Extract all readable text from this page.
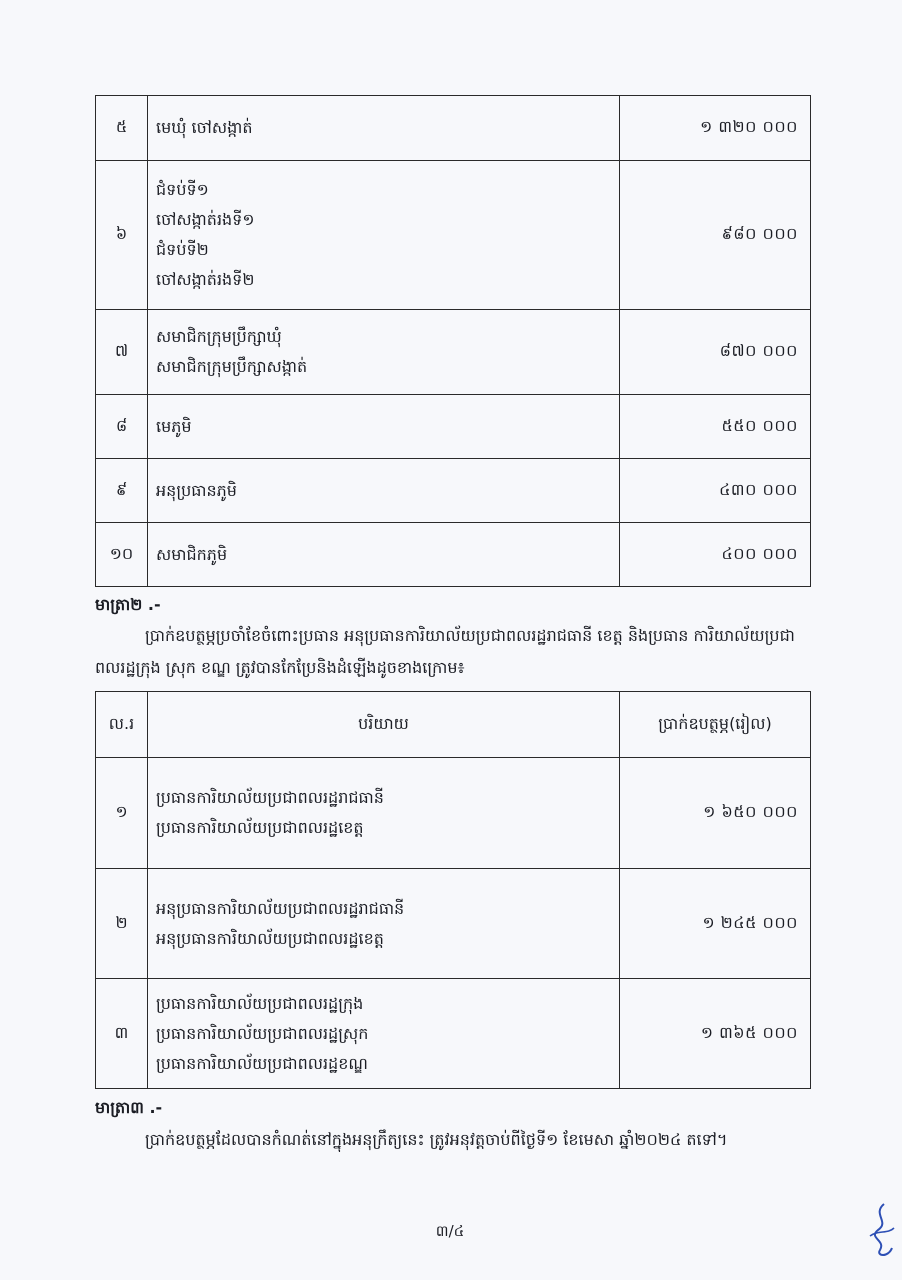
៥	មេឃុំ ចៅសង្កាត់	១ ៣២០ ០០០
៦	ជំទប់ទី១
ចៅសង្កាត់រងទី១
ជំទប់ទី២
ចៅសង្កាត់រងទី២	៩៨០ ០០០
៧	សមាជិកក្រុមប្រឹក្សាឃុំ
សមាជិកក្រុមប្រឹក្សាសង្កាត់	៨៧០ ០០០
៨	មេភូមិ	៥៥០ ០០០
៩	អនុប្រធានភូមិ	៤៣០ ០០០
១០	សមាជិកភូមិ	៤០០ ០០០
មាត្រា២ .-
ប្រាក់ឧបត្ថម្ភប្រចាំខែចំពោះប្រធាន អនុប្រធានការិយាល័យប្រជាពលរដ្ឋរាជធានី ខេត្ត និងប្រធាន ការិយាល័យប្រជាពលរដ្ឋក្រុង ស្រុក ខណ្ឌ ត្រូវបានកែប្រែនិងដំឡើងដូចខាងក្រោម៖
ល.រ	បរិយាយ	ប្រាក់ឧបត្ថម្ភ(រៀល)
១	ប្រធានការិយាល័យប្រជាពលរដ្ឋរាជធានី
ប្រធានការិយាល័យប្រជាពលរដ្ឋខេត្ត	១ ៦៥០ ០០០
២	អនុប្រធានការិយាល័យប្រជាពលរដ្ឋរាជធានី
អនុប្រធានការិយាល័យប្រជាពលរដ្ឋខេត្ត	១ ២៤៥ ០០០
៣	ប្រធានការិយាល័យប្រជាពលរដ្ឋក្រុង
ប្រធានការិយាល័យប្រជាពលរដ្ឋស្រុក
ប្រធានការិយាល័យប្រជាពលរដ្ឋខណ្ឌ	១ ៣៦៥ ០០០
មាត្រា៣ .-
ប្រាក់ឧបត្ថម្ភដែលបានកំណត់នៅក្នុងអនុក្រឹត្យនេះ ត្រូវអនុវត្តចាប់ពីថ្ងៃទី១ ខែមេសា ឆ្នាំ២០២៤ តទៅ។
៣/៤
